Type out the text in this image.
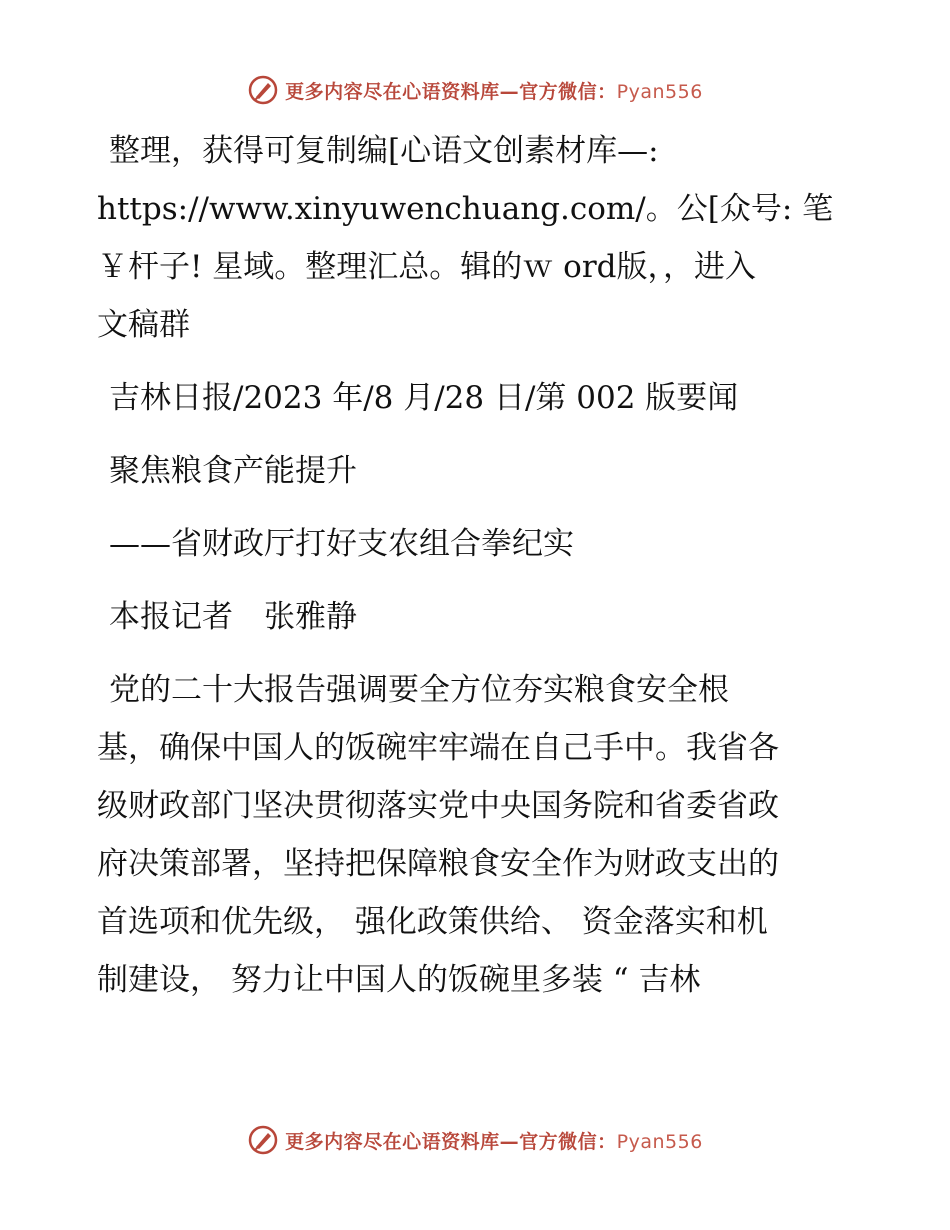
更多内容尽在心语资料库—官方微信：Pyan556
整理，获得可复制编[心语文创素材库—:
https://www.xinyuwenchuang.com/。公[众号: 笔
￥杆子! 星域。整理汇总。辑的ｗ ord版，，进入
文稿群
吉林日报/2023 年/8 月/28 日/第 002 版要闻
聚焦粮食产能提升
——省财政厅打好支农组合拳纪实
本报记者　张雅静
党的二十大报告强调要全方位夯实粮食安全根
基，确保中国人的饭碗牢牢端在自己手中。我省各
级财政部门坚决贯彻落实党中央国务院和省委省政
府决策部署，坚持把保障粮食安全作为财政支出的
首选项和优先级， 强化政策供给、 资金落实和机
制建设， 努力让中国人的饭碗里多装 “ 吉林
更多内容尽在心语资料库—官方微信：Pyan556
